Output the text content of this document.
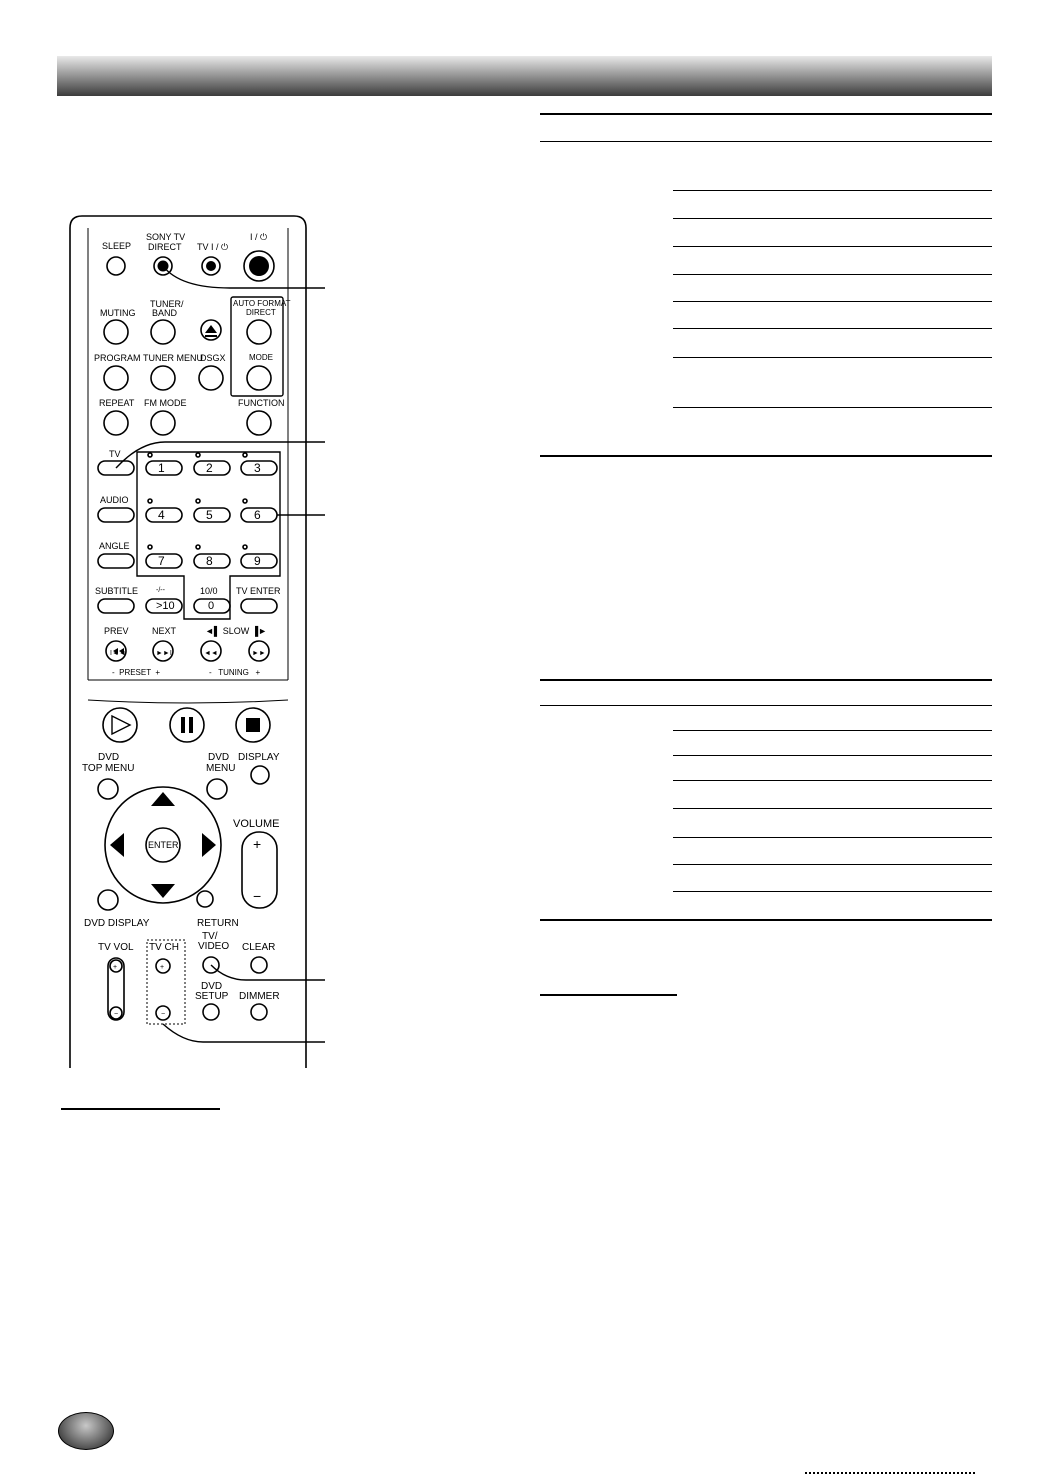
I◄◄	►►I	◄◄	►►
+
−
+
−
SLEEP
SONY TV
DIRECT TV I / ⏻
I / ⏻
MUTING
TUNER/
BAND
AUTO FORMAT
DIRECT
PROGRAM TUNER MENU
DSGX	MODE
REPEAT FM MODE	FUNCTION
TV
AUDIO
ANGLE
SUBTITLE	-/--
>10
10/0
0
TV ENTER
1	2	3
4	5	6
7	8	9
PREV	NEXT	◄▌ SLOW ▐►
-  PRESET  +	-   TUNING   +
DVD
TOP MENU
DVD
MENU
DISPLAY
ENTER
VOLUME
+
−
DVD DISPLAY	RETURN
TV VOL TV CH
TV/
VIDEO CLEAR
DVD
SETUP DIMMER
